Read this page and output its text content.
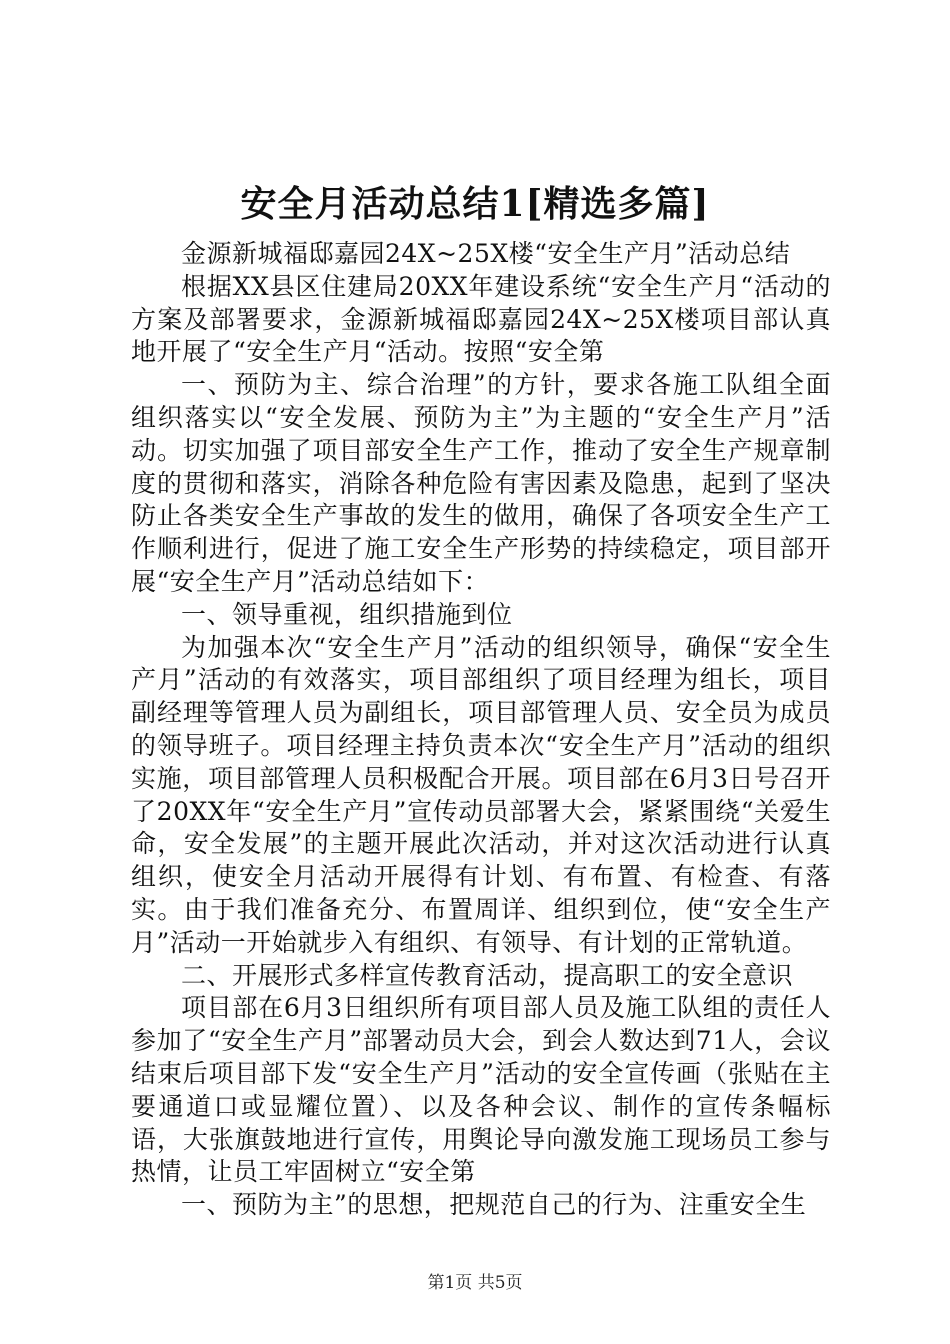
安全月活动总结1[精选多篇]

金源新城福邸嘉园24X~25X楼“安全生产月”活动总结

根据XX县区住建局20XX年建设系统“安全生产月“活动的方案及部署要求，金源新城福邸嘉园24X~25X楼项目部认真地开展了“安全生产月“活动。按照“安全第

一、预防为主、综合治理”的方针，要求各施工队组全面组织落实以“安全发展、预防为主”为主题的“安全生产月”活动。切实加强了项目部安全生产工作，推动了安全生产规章制度的贯彻和落实，消除各种危险有害因素及隐患，起到了坚决防止各类安全生产事故的发生的做用，确保了各项安全生产工作顺利进行，促进了施工安全生产形势的持续稳定，项目部开展“安全生产月”活动总结如下：

一、领导重视，组织措施到位

为加强本次“安全生产月”活动的组织领导，确保“安全生产月”活动的有效落实，项目部组织了项目经理为组长，项目副经理等管理人员为副组长，项目部管理人员、安全员为成员的领导班子。项目经理主持负责本次“安全生产月”活动的组织实施，项目部管理人员积极配合开展。项目部在6月3日号召开了20XX年“安全生产月”宣传动员部署大会，紧紧围绕“关爱生命，安全发展”的主题开展此次活动，并对这次活动进行认真组织，使安全月活动开展得有计划、有布置、有检查、有落实。由于我们准备充分、布置周详、组织到位，使“安全生产月”活动一开始就步入有组织、有领导、有计划的正常轨道。

二、开展形式多样宣传教育活动，提高职工的安全意识

项目部在6月3日组织所有项目部人员及施工队组的责任人参加了“安全生产月”部署动员大会，到会人数达到71人，会议结束后项目部下发“安全生产月”活动的安全宣传画（张贴在主要通道口或显耀位置）、以及各种会议、制作的宣传条幅标语，大张旗鼓地进行宣传，用舆论导向激发施工现场员工参与热情，让员工牢固树立“安全第

一、预防为主”的思想，把规范自己的行为、注重安全生

第1页 共5页
